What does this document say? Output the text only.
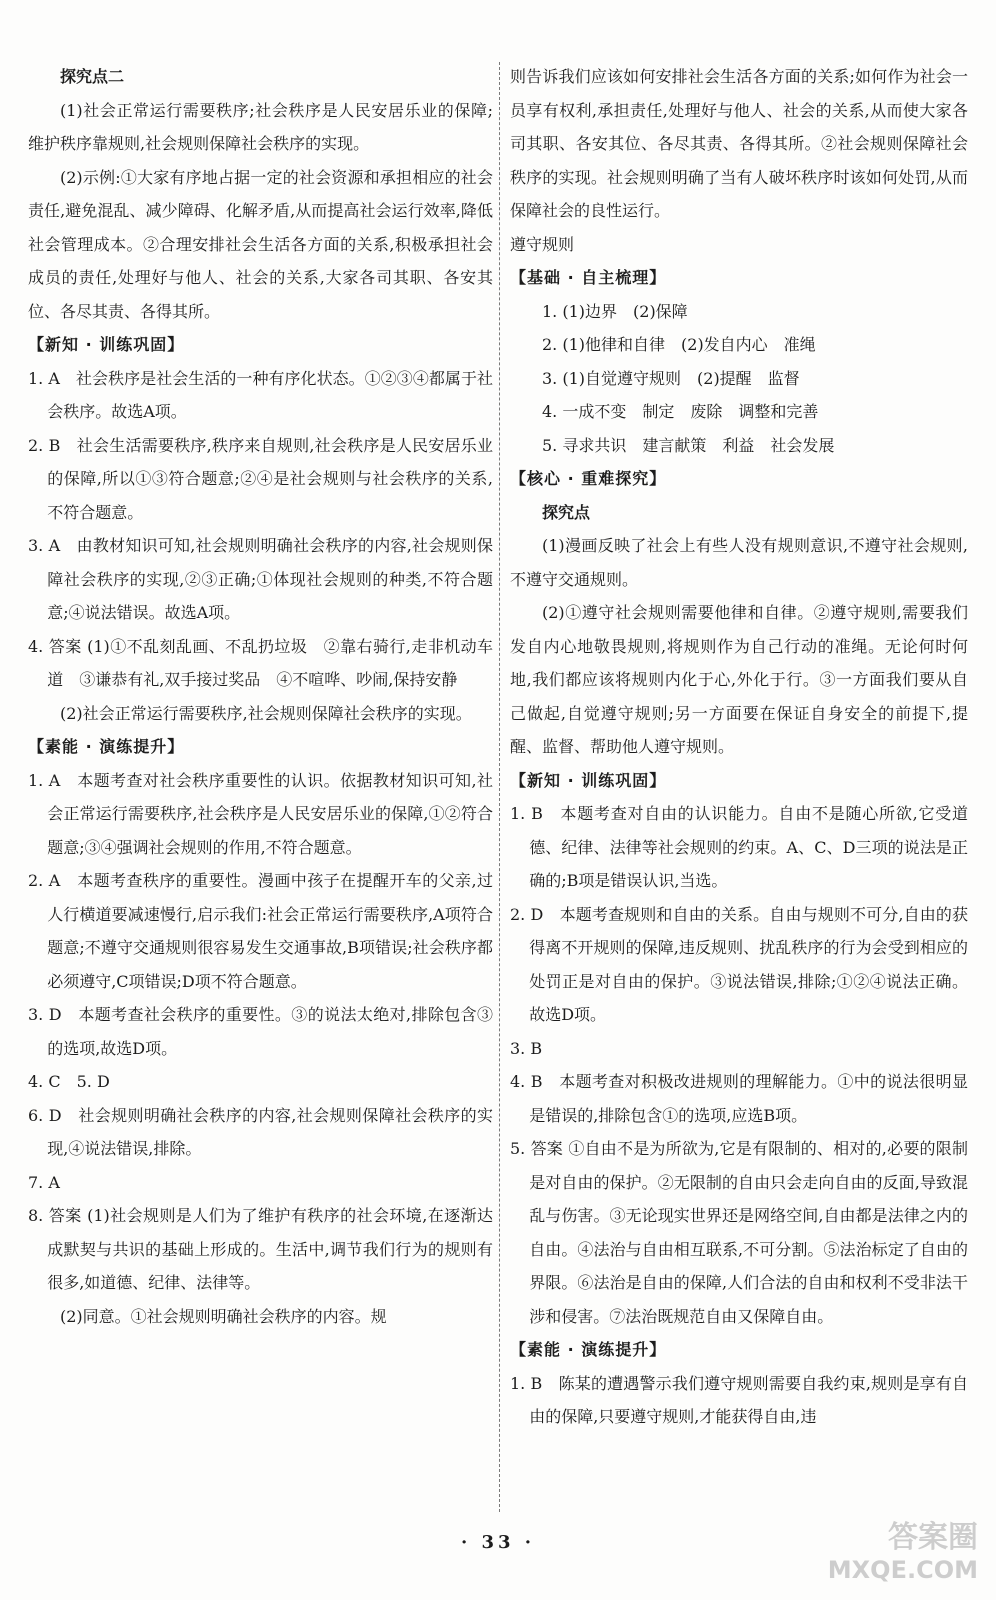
探究点二

(1)社会正常运行需要秩序;社会秩序是人民安居乐业的保障;维护秩序靠规则,社会规则保障社会秩序的实现。

(2)示例:①大家有序地占据一定的社会资源和承担相应的社会责任,避免混乱、减少障碍、化解矛盾,从而提高社会运行效率,降低社会管理成本。②合理安排社会生活各方面的关系,积极承担社会成员的责任,处理好与他人、社会的关系,大家各司其职、各安其位、各尽其责、各得其所。

【新知 · 训练巩固】

1. A　社会秩序是社会生活的一种有序化状态。①②③④都属于社会秩序。故选A项。

2. B　社会生活需要秩序,秩序来自规则,社会秩序是人民安居乐业的保障,所以①③符合题意;②④是社会规则与社会秩序的关系,不符合题意。

3. A　由教材知识可知,社会规则明确社会秩序的内容,社会规则保障社会秩序的实现,②③正确;①体现社会规则的种类,不符合题意;④说法错误。故选A项。

4. 答案 (1)①不乱刻乱画、不乱扔垃圾　②靠右骑行,走非机动车道　③谦恭有礼,双手接过奖品　④不喧哗、吵闹,保持安静

(2)社会正常运行需要秩序,社会规则保障社会秩序的实现。

【素能 · 演练提升】

1. A　本题考查对社会秩序重要性的认识。依据教材知识可知,社会正常运行需要秩序,社会秩序是人民安居乐业的保障,①②符合题意;③④强调社会规则的作用,不符合题意。

2. A　本题考查秩序的重要性。漫画中孩子在提醒开车的父亲,过人行横道要减速慢行,启示我们:社会正常运行需要秩序,A项符合题意;不遵守交通规则很容易发生交通事故,B项错误;社会秩序都必须遵守,C项错误;D项不符合题意。

3. D　本题考查社会秩序的重要性。③的说法太绝对,排除包含③的选项,故选D项。

4. C　5. D

6. D　社会规则明确社会秩序的内容,社会规则保障社会秩序的实现,④说法错误,排除。

7. A

8. 答案 (1)社会规则是人们为了维护有秩序的社会环境,在逐渐达成默契与共识的基础上形成的。生活中,调节我们行为的规则有很多,如道德、纪律、法律等。

(2)同意。①社会规则明确社会秩序的内容。规

则告诉我们应该如何安排社会生活各方面的关系;如何作为社会一员享有权利,承担责任,处理好与他人、社会的关系,从而使大家各司其职、各安其位、各尽其责、各得其所。②社会规则保障社会秩序的实现。社会规则明确了当有人破坏秩序时该如何处罚,从而保障社会的良性运行。

遵守规则

【基础 · 自主梳理】

1. (1)边界　(2)保障

2. (1)他律和自律　(2)发自内心　准绳

3. (1)自觉遵守规则　(2)提醒　监督

4. 一成不变　制定　废除　调整和完善

5. 寻求共识　建言献策　利益　社会发展

【核心 · 重难探究】

探究点

(1)漫画反映了社会上有些人没有规则意识,不遵守社会规则,不遵守交通规则。

(2)①遵守社会规则需要他律和自律。②遵守规则,需要我们发自内心地敬畏规则,将规则作为自己行动的准绳。无论何时何地,我们都应该将规则内化于心,外化于行。③一方面我们要从自己做起,自觉遵守规则;另一方面要在保证自身安全的前提下,提醒、监督、帮助他人遵守规则。

【新知 · 训练巩固】

1. B　本题考查对自由的认识能力。自由不是随心所欲,它受道德、纪律、法律等社会规则的约束。A、C、D三项的说法是正确的;B项是错误认识,当选。

2. D　本题考查规则和自由的关系。自由与规则不可分,自由的获得离不开规则的保障,违反规则、扰乱秩序的行为会受到相应的处罚正是对自由的保护。③说法错误,排除;①②④说法正确。故选D项。

3. B

4. B　本题考查对积极改进规则的理解能力。①中的说法很明显是错误的,排除包含①的选项,应选B项。

5. 答案 ①自由不是为所欲为,它是有限制的、相对的,必要的限制是对自由的保护。②无限制的自由只会走向自由的反面,导致混乱与伤害。③无论现实世界还是网络空间,自由都是法律之内的自由。④法治与自由相互联系,不可分割。⑤法治标定了自由的界限。⑥法治是自由的保障,人们合法的自由和权利不受非法干涉和侵害。⑦法治既规范自由又保障自由。

【素能 · 演练提升】

1. B　陈某的遭遇警示我们遵守规则需要自我约束,规则是享有自由的保障,只要遵守规则,才能获得自由,违

· 33 ·	答案圈
MXQE.COM
